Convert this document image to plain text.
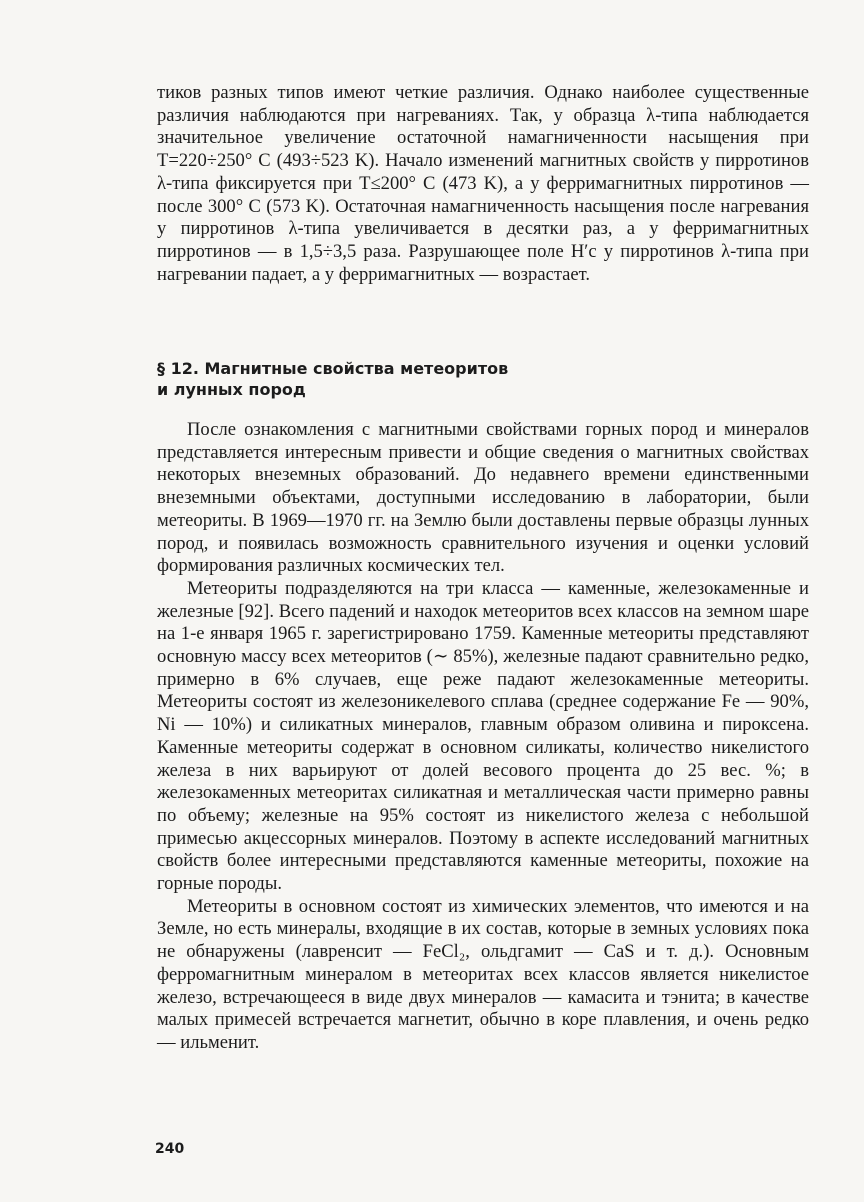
тиков разных типов имеют четкие различия. Однако наиболее существенные различия наблюдаются при нагреваниях. Так, у образца λ-типа наблюдается значительное увеличение остаточной намагниченности насыщения при T=220÷250° C (493÷523 K). Начало изменений магнитных свойств у пирротинов λ-типа фиксируется при T≤200° C (473 K), а у ферримагнитных пирротинов — после 300° C (573 K). Остаточная намагниченность насыщения после нагревания у пирротинов λ-типа увеличивается в десятки раз, а у ферримагнитных пирротинов — в 1,5÷3,5 раза. Разрушающее поле H′c у пирротинов λ-типа при нагревании падает, а у ферримагнитных — возрастает.

§ 12. Магнитные свойства метеоритов
и лунных пород

После ознакомления с магнитными свойствами горных пород и минералов представляется интересным привести и общие сведения о магнитных свойствах некоторых внеземных образований. До недавнего времени единственными внеземными объектами, доступными исследованию в лаборатории, были метеориты. В 1969—1970 гг. на Землю были доставлены первые образцы лунных пород, и появилась возможность сравнительного изучения и оценки условий формирования различных космических тел.

Метеориты подразделяются на три класса — каменные, железокаменные и железные [92]. Всего падений и находок метеоритов всех классов на земном шаре на 1-е января 1965 г. зарегистрировано 1759. Каменные метеориты представляют основную массу всех метеоритов (∼ 85%), железные падают сравнительно редко, примерно в 6% случаев, еще реже падают железокаменные метеориты. Метеориты состоят из железоникелевого сплава (среднее содержание Fe — 90%, Ni — 10%) и силикатных минералов, главным образом оливина и пироксена. Каменные метеориты содержат в основном силикаты, количество никелистого железа в них варьируют от долей весового процента до 25 вес. %; в железокаменных метеоритах силикатная и металлическая части примерно равны по объему; железные на 95% состоят из никелистого железа с небольшой примесью акцессорных минералов. Поэтому в аспекте исследований магнитных свойств более интересными представляются каменные метеориты, похожие на горные породы.

Метеориты в основном состоят из химических элементов, что имеются и на Земле, но есть минералы, входящие в их состав, которые в земных условиях пока не обнаружены (лавренсит — FeCl₂, ольдгамит — CaS и т. д.). Основным ферромагнитным минералом в метеоритах всех классов является никелистое железо, встречающееся в виде двух минералов — камасита и тэнита; в качестве малых примесей встречается магнетит, обычно в коре плавления, и очень редко — ильменит.

240
